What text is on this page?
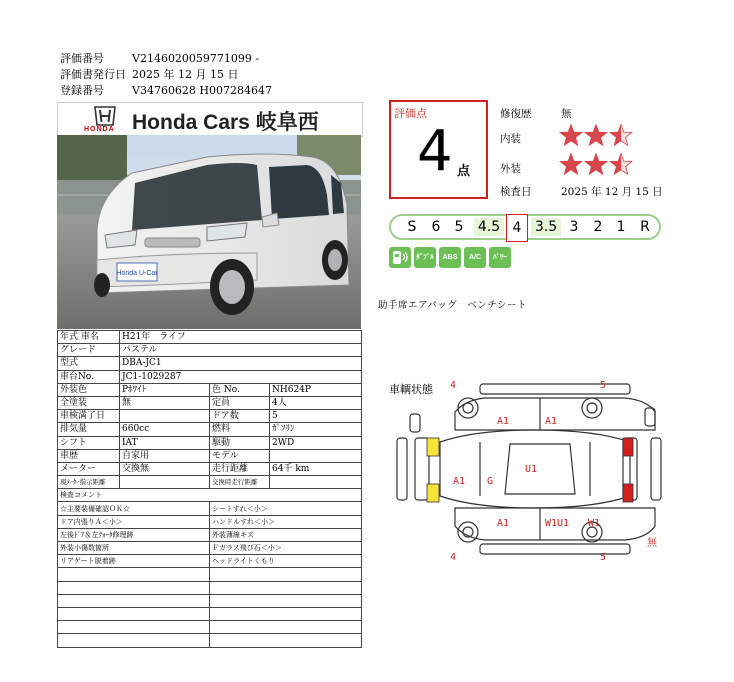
評価番号	V2146020059771099 -
評価書発行日 2025 年 12 月 15 日
登録番号	V34760628 H007284647
HONDA Honda Cars 岐阜西
Honda U-Car
年式 車名	H21年　ライフ		
グレード	パステル		
型式	DBA-JC1		
車台No.	JC1-1029287		
外装色	Pﾎﾜｲﾄ	色 No.	NH624P
全塗装	無	定員	4人
車検満了日		ドア数	5
排気量	660cc	燃料	ｶﾞｿﾘﾝ
シフト	IAT	駆動	2WD
車歴	自家用	モデル	
メーター	交換無	走行距離	64千 km
現ﾒｰﾀｰ指示距離		交換時走行距離	
検査コメント			
☆主要装備確認ＯＫ☆		シートすれ＜小＞	
ドア内張りＡ＜小＞		ハンドルすれ＜小＞	
左後ﾄﾞｱ＆左ｸｫｰﾀ修理跡		外装薄線キズ	
外装小傷数箇所		Ｆガラス飛び石＜小＞	
リアゲート脱着跡		ヘッドライトくもり	

評価点
4 点
修復歴	無
内装
外装
検査日	2025 年 12 月 15 日
S	6	5	4.5 4 3.5 3	2	1	R
ﾀﾞﾌﾞﾙ	ABS	A/C	ﾊﾟﾜｰ
助手席エアバッグ　ベンチシート
車輌状態 4	5
4	5
A1	A1
U1
A1 G
A1	W1U1 W1
無
